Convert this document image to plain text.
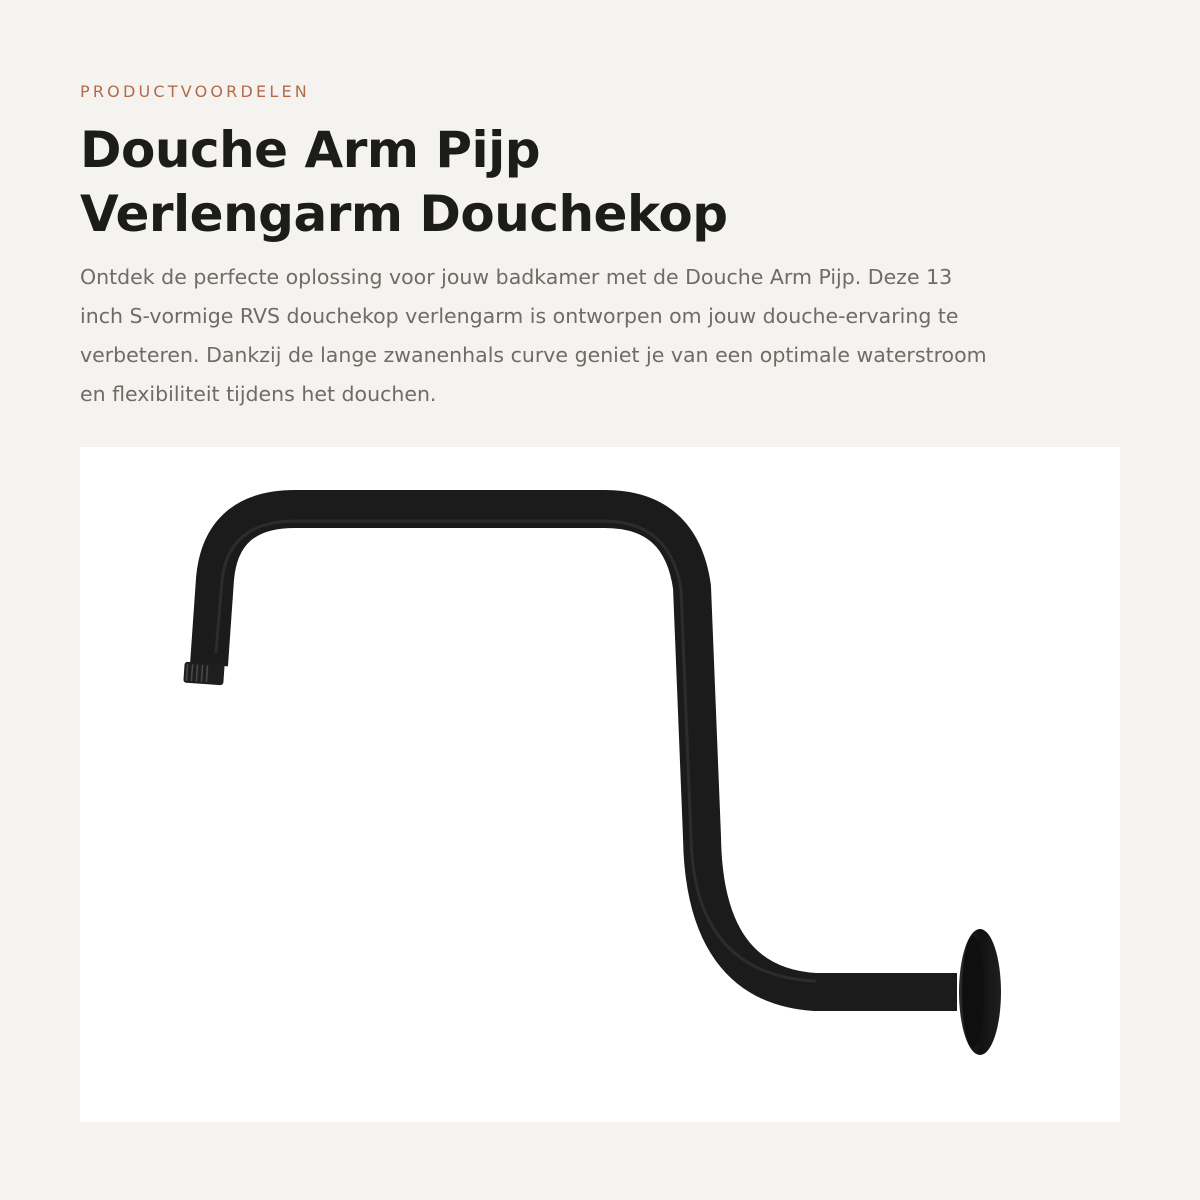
PRODUCTVOORDELEN
Douche Arm Pijp
Verlengarm Douchekop

Ontdek de perfecte oplossing voor jouw badkamer met de Douche Arm Pijp. Deze 13
inch S-vormige RVS douchekop verlengarm is ontworpen om jouw douche-ervaring te
verbeteren. Dankzij de lange zwanenhals curve geniet je van een optimale waterstroom
en flexibiliteit tijdens het douchen.
